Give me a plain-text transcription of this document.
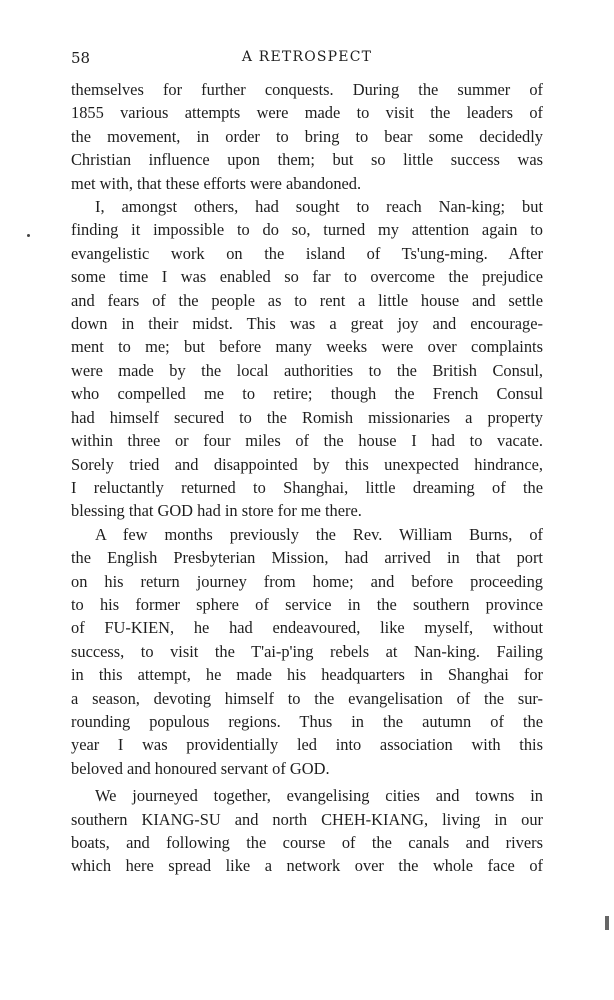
58	A RETROSPECT
themselves for further conquests. During the summer of
1855 various attempts were made to visit the leaders of
the movement, in order to bring to bear some decidedly
Christian influence upon them; but so little success was
met with, that these efforts were abandoned.
I, amongst others, had sought to reach Nan-king; but
finding it impossible to do so, turned my attention again to
evangelistic work on the island of Ts'ung-ming. After
some time I was enabled so far to overcome the prejudice
and fears of the people as to rent a little house and settle
down in their midst. This was a great joy and encourage-
ment to me; but before many weeks were over complaints
were made by the local authorities to the British Consul,
who compelled me to retire; though the French Consul
had himself secured to the Romish missionaries a property
within three or four miles of the house I had to vacate.
Sorely tried and disappointed by this unexpected hindrance,
I reluctantly returned to Shanghai, little dreaming of the
blessing that GOD had in store for me there.
A few months previously the Rev. William Burns, of
the English Presbyterian Mission, had arrived in that port
on his return journey from home; and before proceeding
to his former sphere of service in the southern province
of FU-KIEN, he had endeavoured, like myself, without
success, to visit the T'ai-p'ing rebels at Nan-king. Failing
in this attempt, he made his headquarters in Shanghai for
a season, devoting himself to the evangelisation of the sur-
rounding populous regions. Thus in the autumn of the
year I was providentially led into association with this
beloved and honoured servant of GOD.
We journeyed together, evangelising cities and towns in
southern KIANG-SU and north CHEH-KIANG, living in our
boats, and following the course of the canals and rivers
which here spread like a network over the whole face of
